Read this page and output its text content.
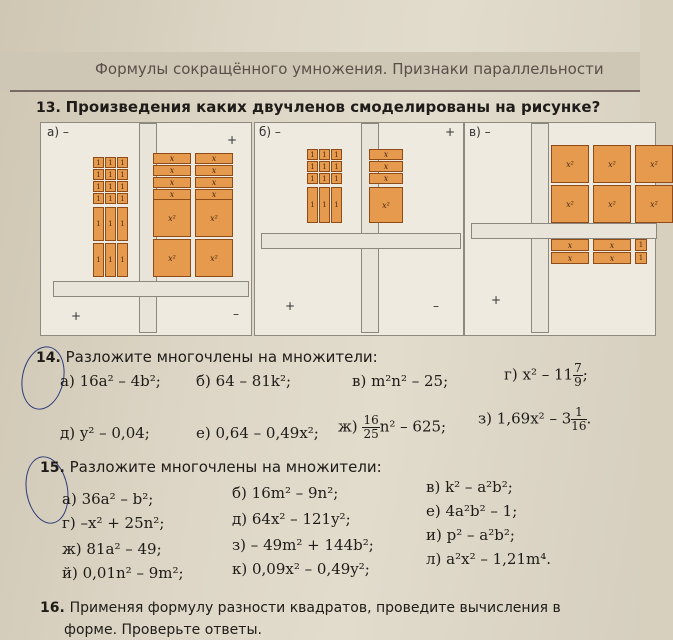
Формулы сокращённого умножения. Признаки параллельности
13. Произведения каких двучленов смоделированы на рисунке?
а) –
+
+	–
1	1	1
1	1	1
1	1	1
1	1	1
1	1	1
1	1	1
x	x
x	x
x	x
x	x
x²	x²
x²	x²
б) –	+
+	–
1	1	1
1	1	1
1	1	1
1	1	1
x
x
x
x²
в) –
+
x²	x²	x²
x²	x²	x²
x	x
x	x
1
1
14. Разложите многочлены на множители:
а) 16a² – 4b²; б) 64 – 81k²;	в) m²n² – 25;	г) $x^2 - 11 \frac{7}{9}$ ;
д) y² – 0,04;	е) 0,64 – 0,49x²; $ж) \frac{16}{25} n^2 - 625$; з) $1,69x^2 - 3 \frac{1}{16}$ .
15. Разложите многочлены на множители:
а) 36a² – b²;	б) 16m² – 9n²;	в) k² – a²b²;
г) –x² + 25n²;	д) 64x² – 121y²;	е) 4a²b² – 1;
ж) 81a² – 49;	з) – 49m² + 144b²;
и) p² – a²b²;
й) 0,01n² – 9m²;	к) 0,09x² – 0,49y²;
л) a²x² – 1,21m⁴.
16. Применяя формулу разности квадратов, проведите вычисления в
форме. Проверьте ответы.
